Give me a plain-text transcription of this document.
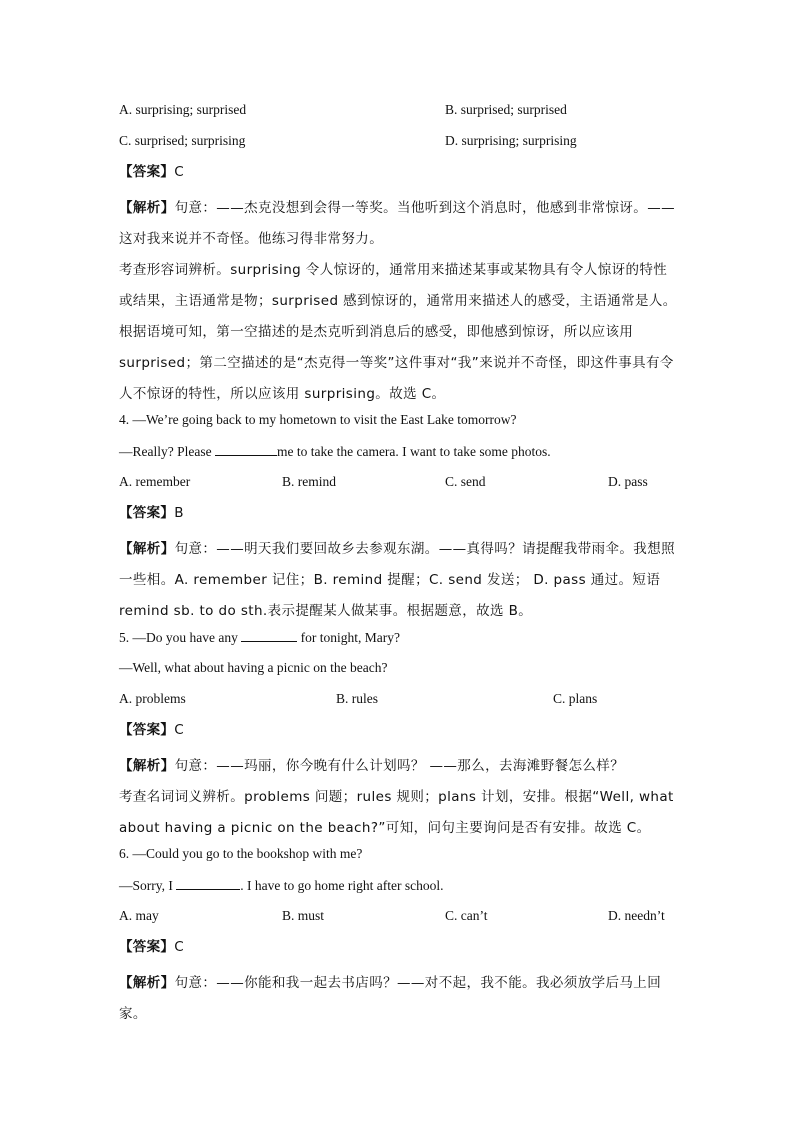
A. surprising; surprised	B. surprised; surprised
C. surprised; surprising	D. surprising; surprising
【答案】C
【解析】句意：——杰克没想到会得一等奖。当他听到这个消息时，他感到非常惊讶。——这对我来说并不奇怪。他练习得非常努力。
考查形容词辨析。surprising 令人惊讶的，通常用来描述某事或某物具有令人惊讶的特性或结果，主语通常是物；surprised 感到惊讶的，通常用来描述人的感受，主语通常是人。根据语境可知，第一空描述的是杰克听到消息后的感受，即他感到惊讶，所以应该用 surprised；第二空描述的是“杰克得一等奖”这件事对“我”来说并不奇怪，即这件事具有令人不惊讶的特性，所以应该用 surprising。故选 C。
4. —We’re going back to my hometown to visit the East Lake tomorrow?
—Really? Please	me to take the camera. I want to take some photos.
A. remember	B. remind	C. send	D. pass
【答案】B
【解析】句意：——明天我们要回故乡去参观东湖。——真得吗？请提醒我带雨伞。我想照一些相。A. remember 记住；B. remind 提醒；C. send 发送； D. pass 通过。短语 remind sb. to do sth.表示提醒某人做某事。根据题意，故选 B。
5. —Do you have any	for tonight, Mary?
—Well, what about having a picnic on the beach?
A. problems	B. rules	C. plans
【答案】C
【解析】句意：——玛丽，你今晚有什么计划吗？ ——那么，去海滩野餐怎么样？
考查名词词义辨析。problems 问题；rules 规则；plans 计划，安排。根据“Well, what about having a picnic on the beach?”可知，问句主要询问是否有安排。故选 C。
6. —Could you go to the bookshop with me?
—Sorry, I	. I have to go home right after school.
A. may	B. must	C. can’t	D. needn’t
【答案】C
【解析】句意：——你能和我一起去书店吗？——对不起，我不能。我必须放学后马上回家。
